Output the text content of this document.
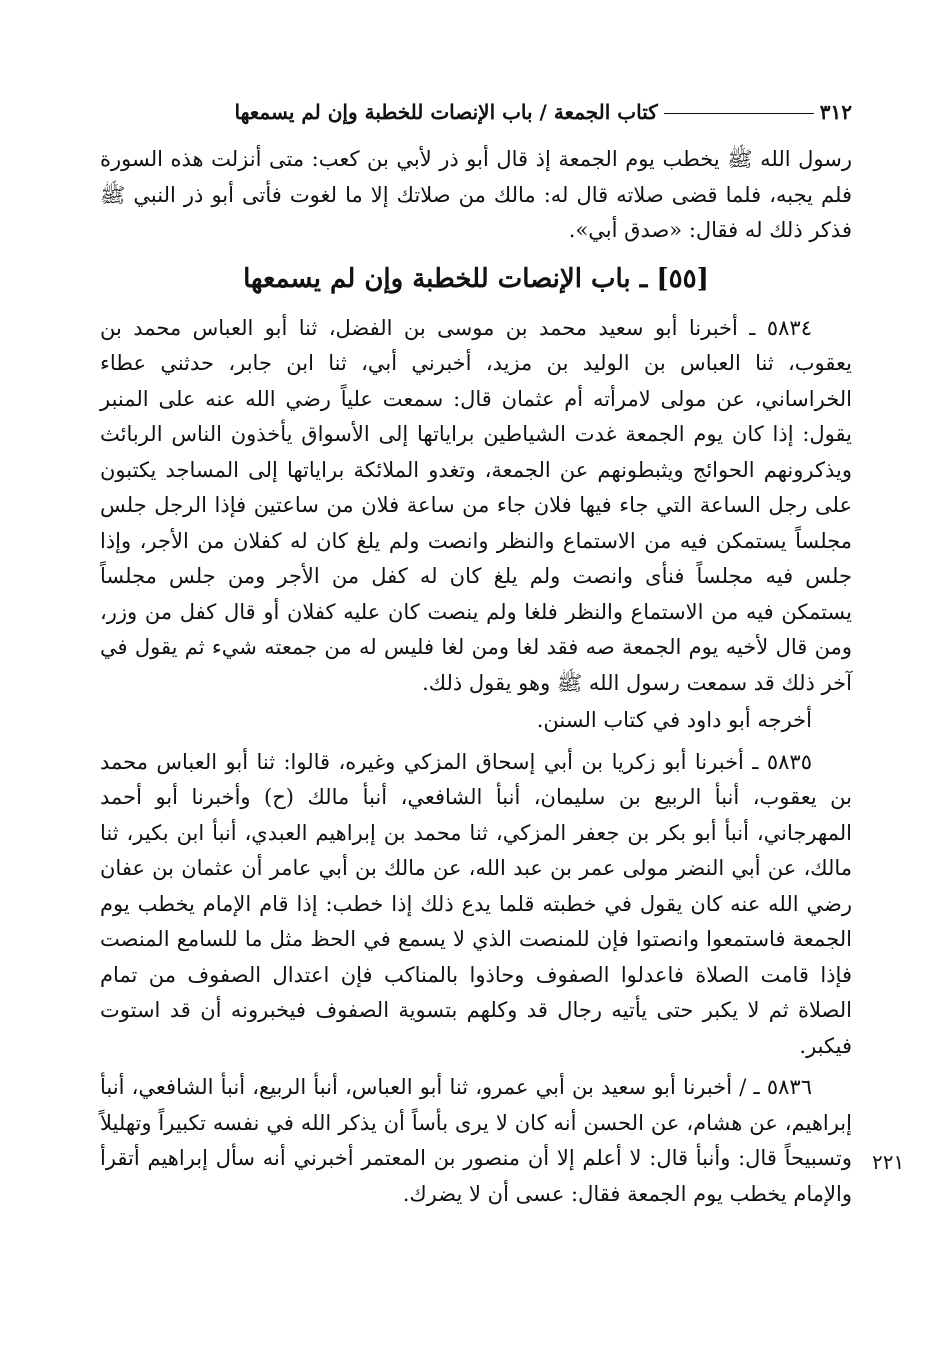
٣١٢
كتاب الجمعة / باب الإنصات للخطبة وإن لم يسمعها
٢٢١

رسول الله ﷺ يخطب يوم الجمعة إذ قال أبو ذر لأبي بن كعب: متى أنزلت هذه السورة فلم يجبه، فلما قضى صلاته قال له: مالك من صلاتك إلا ما لغوت فأتى أبو ذر النبي ﷺ فذكر ذلك له فقال: «صدق أبي».

[٥٥] ـ باب الإنصات للخطبة وإن لم يسمعها

٥٨٣٤ ـ أخبرنا أبو سعيد محمد بن موسى بن الفضل، ثنا أبو العباس محمد بن يعقوب، ثنا العباس بن الوليد بن مزيد، أخبرني أبي، ثنا ابن جابر، حدثني عطاء الخراساني، عن مولى لامرأته أم عثمان قال: سمعت علياً رضي الله عنه على المنبر يقول: إذا كان يوم الجمعة غدت الشياطين براياتها إلى الأسواق يأخذون الناس الربائث ويذكرونهم الحوائج ويثبطونهم عن الجمعة، وتغدو الملائكة براياتها إلى المساجد يكتبون على رجل الساعة التي جاء فيها فلان جاء من ساعة فلان من ساعتين فإذا الرجل جلس مجلساً يستمكن فيه من الاستماع والنظر وانصت ولم يلغ كان له كفلان من الأجر، وإذا جلس فيه مجلساً فنأى وانصت ولم يلغ كان له كفل من الأجر ومن جلس مجلساً يستمكن فيه من الاستماع والنظر فلغا ولم ينصت كان عليه كفلان أو قال كفل من وزر، ومن قال لأخيه يوم الجمعة صه فقد لغا ومن لغا فليس له من جمعته شيء ثم يقول في آخر ذلك قد سمعت رسول الله ﷺ وهو يقول ذلك.

أخرجه أبو داود في كتاب السنن.

٥٨٣٥ ـ أخبرنا أبو زكريا بن أبي إسحاق المزكي وغيره، قالوا: ثنا أبو العباس محمد بن يعقوب، أنبأ الربيع بن سليمان، أنبأ الشافعي، أنبأ مالك (ح) وأخبرنا أبو أحمد المهرجاني، أنبأ أبو بكر بن جعفر المزكي، ثنا محمد بن إبراهيم العبدي، أنبأ ابن بكير، ثنا مالك، عن أبي النضر مولى عمر بن عبد الله، عن مالك بن أبي عامر أن عثمان بن عفان رضي الله عنه كان يقول في خطبته قلما يدع ذلك إذا خطب: إذا قام الإمام يخطب يوم الجمعة فاستمعوا وانصتوا فإن للمنصت الذي لا يسمع في الحظ مثل ما للسامع المنصت فإذا قامت الصلاة فاعدلوا الصفوف وحاذوا بالمناكب فإن اعتدال الصفوف من تمام الصلاة ثم لا يكبر حتى يأتيه رجال قد وكلهم بتسوية الصفوف فيخبرونه أن قد استوت فيكبر.

٥٨٣٦ ـ / أخبرنا أبو سعيد بن أبي عمرو، ثنا أبو العباس، أنبأ الربيع، أنبأ الشافعي، أنبأ إبراهيم، عن هشام، عن الحسن أنه كان لا يرى بأساً أن يذكر الله في نفسه تكبيراً وتهليلاً وتسبيحاً قال: وأنبأ قال: لا أعلم إلا أن منصور بن المعتمر أخبرني أنه سأل إبراهيم أتقرأ والإمام يخطب يوم الجمعة فقال: عسى أن لا يضرك.
